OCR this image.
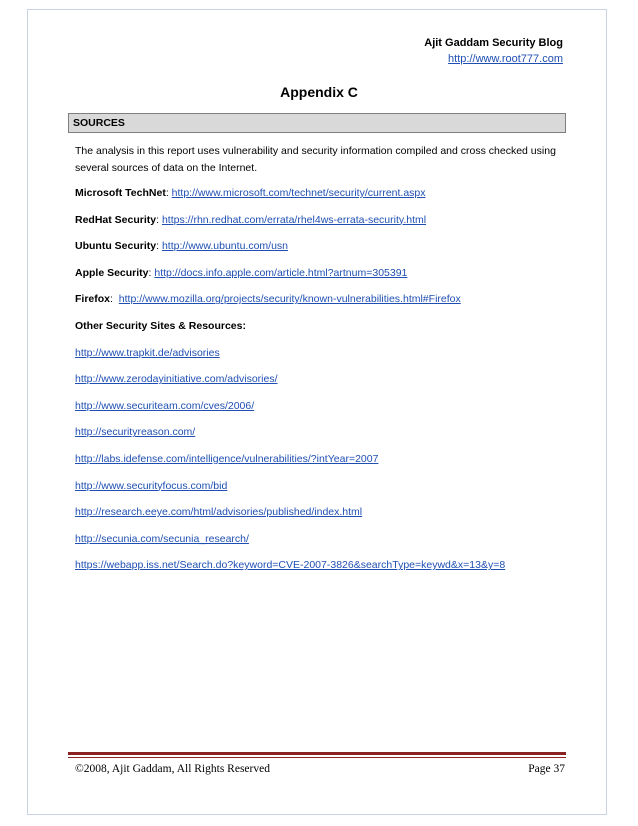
Ajit Gaddam Security Blog
http://www.root777.com
Appendix C
SOURCES

The analysis in this report uses vulnerability and security information compiled and cross checked using several sources of data on the Internet.

Microsoft TechNet: http://www.microsoft.com/technet/security/current.aspx
RedHat Security: https://rhn.redhat.com/errata/rhel4ws-errata-security.html
Ubuntu Security: http://www.ubuntu.com/usn
Apple Security: http://docs.info.apple.com/article.html?artnum=305391
Firefox:  http://www.mozilla.org/projects/security/known-vulnerabilities.html#Firefox
Other Security Sites & Resources:
http://www.trapkit.de/advisories
http://www.zerodayinitiative.com/advisories/
http://www.securiteam.com/cves/2006/
http://securityreason.com/
http://labs.idefense.com/intelligence/vulnerabilities/?intYear=2007
http://www.securityfocus.com/bid
http://research.eeye.com/html/advisories/published/index.html
http://secunia.com/secunia_research/
https://webapp.iss.net/Search.do?keyword=CVE-2007-3826&searchType=keywd&x=13&y=8
©2008, Ajit Gaddam, All Rights Reserved	Page 37
